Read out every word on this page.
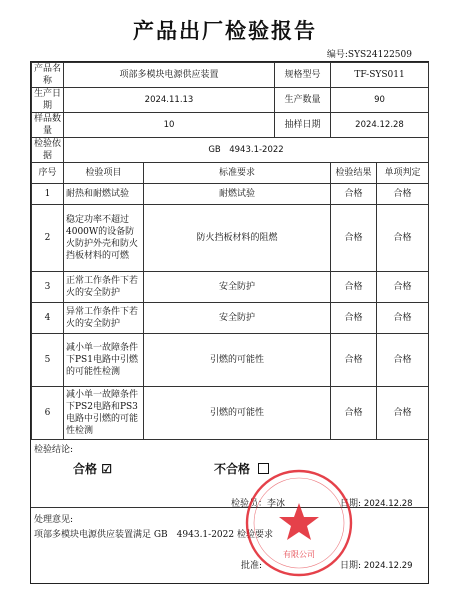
产品出厂检验报告
编号:SYS24122509
产品名称	项部多模块电源供应装置		规格型号	TF-SYS011	
生产日期	2024.11.13		生产数量	90	
样品数量	10		抽样日期	2024.12.28	
检验依据	GB　4943.1-2022				
序号	检验项目	标准要求		检验结果	单项判定
1	耐热和耐燃试验	耐燃试验		合格	合格
2	稳定功率不超过4000W的设备防火防护外壳和防火挡板材料的可燃	防火挡板材料的阻燃		合格	合格
3	正常工作条件下若火的安全防护	安全防护		合格	合格
4	异常工作条件下若火的安全防护	安全防护		合格	合格
5	减小单一故障条件下PS1电路中引燃的可能性检测	引燃的可能性		合格	合格
6	减小单一故障条件下PS2电路和PS3电路中引燃的可能性检测	引燃的可能性		合格	合格
检验结论:
合格 ☑	不合格
检验员：李冰	日期: 2024.12.28
处理意见:
项部多模块电源供应装置满足 GB　4943.1-2022 检验要求
批准:	日期: 2024.12.29
有限公司
